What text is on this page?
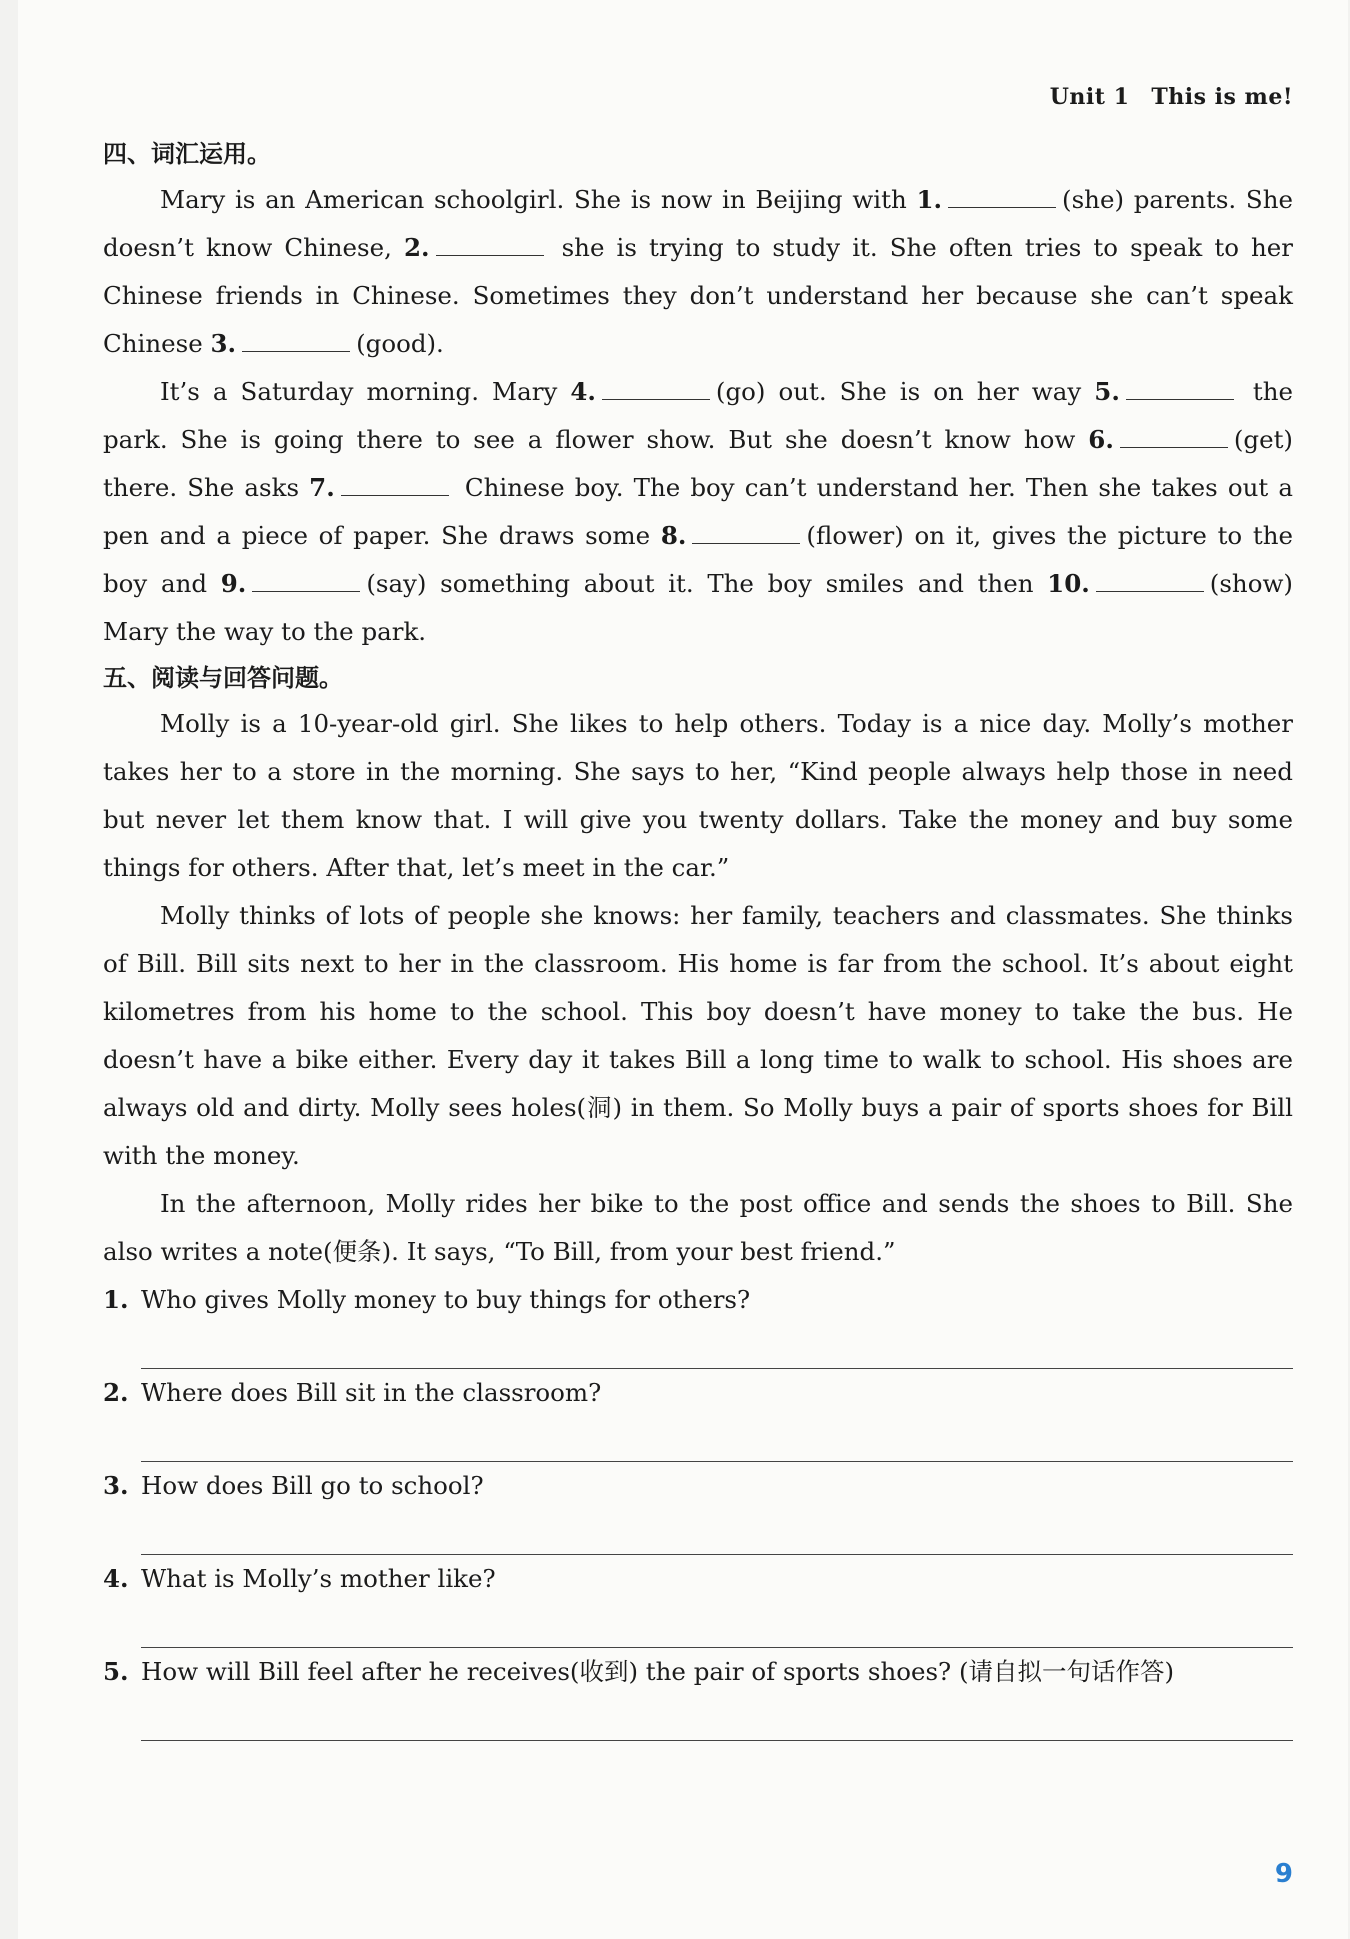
Unit 1 This is me!
四、词汇运用。
Mary is an American schoolgirl. She is now in Beijing with 1.	(she) parents. She doesn’t know Chinese, 2.	she is trying to study it. She often tries to speak to her Chinese friends in Chinese. Sometimes they don’t understand her because she can’t speak Chinese 3.	(good).
It’s a Saturday morning. Mary 4.	(go) out. She is on her way 5.	the park. She is going there to see a flower show. But she doesn’t know how 6.	(get) there. She asks 7.	Chinese boy. The boy can’t understand her. Then she takes out a pen and a piece of paper. She draws some 8.	(flower) on it, gives the picture to the boy and 9.	(say) something about it. The boy smiles and then 10.	(show) Mary the way to the park.
五、阅读与回答问题。
Molly is a 10-year-old girl. She likes to help others. Today is a nice day. Molly’s mother takes her to a store in the morning. She says to her, “Kind people always help those in need but never let them know that. I will give you twenty dollars. Take the money and buy some things for others. After that, let’s meet in the car.”
Molly thinks of lots of people she knows: her family, teachers and classmates. She thinks of Bill. Bill sits next to her in the classroom. His home is far from the school. It’s about eight kilometres from his home to the school. This boy doesn’t have money to take the bus. He doesn’t have a bike either. Every day it takes Bill a long time to walk to school. His shoes are always old and dirty. Molly sees holes(洞) in them. So Molly buys a pair of sports shoes for Bill with the money.
In the afternoon, Molly rides her bike to the post office and sends the shoes to Bill. She also writes a note(便条). It says, “To Bill, from your best friend.”
1. Who gives Molly money to buy things for others?
2. Where does Bill sit in the classroom?
3. How does Bill go to school?
4. What is Molly’s mother like?
5. How will Bill feel after he receives(收到) the pair of sports shoes? (请自拟一句话作答)
9
